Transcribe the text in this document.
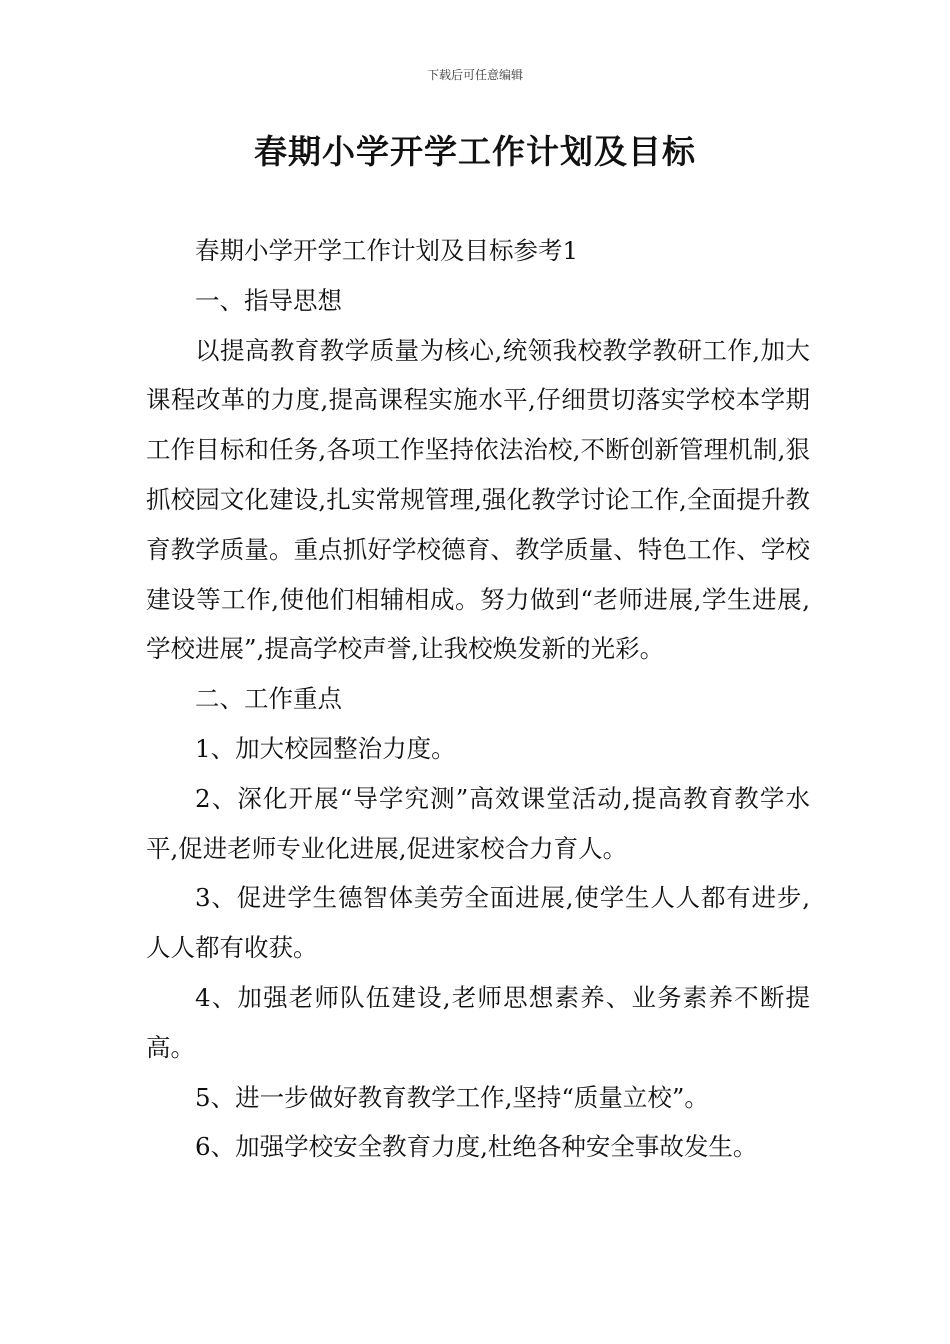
下载后可任意编辑
春期小学开学工作计划及目标

春期小学开学工作计划及目标参考1

一、指导思想

以提高教育教学质量为核心,统领我校教学教研工作,加大课程改革的力度,提高课程实施水平,仔细贯切落实学校本学期工作目标和任务,各项工作坚持依法治校,不断创新管理机制,狠抓校园文化建设,扎实常规管理,强化教学讨论工作,全面提升教育教学质量。重点抓好学校德育、教学质量、特色工作、学校建设等工作,使他们相辅相成。努力做到“老师进展,学生进展,学校进展”,提高学校声誉,让我校焕发新的光彩。

二、工作重点

1、加大校园整治力度。

2、深化开展“导学究测”高效课堂活动,提高教育教学水平,促进老师专业化进展,促进家校合力育人。

3、促进学生德智体美劳全面进展,使学生人人都有进步,人人都有收获。

4、加强老师队伍建设,老师思想素养、业务素养不断提高。

5、进一步做好教育教学工作,坚持“质量立校”。

6、加强学校安全教育力度,杜绝各种安全事故发生。
